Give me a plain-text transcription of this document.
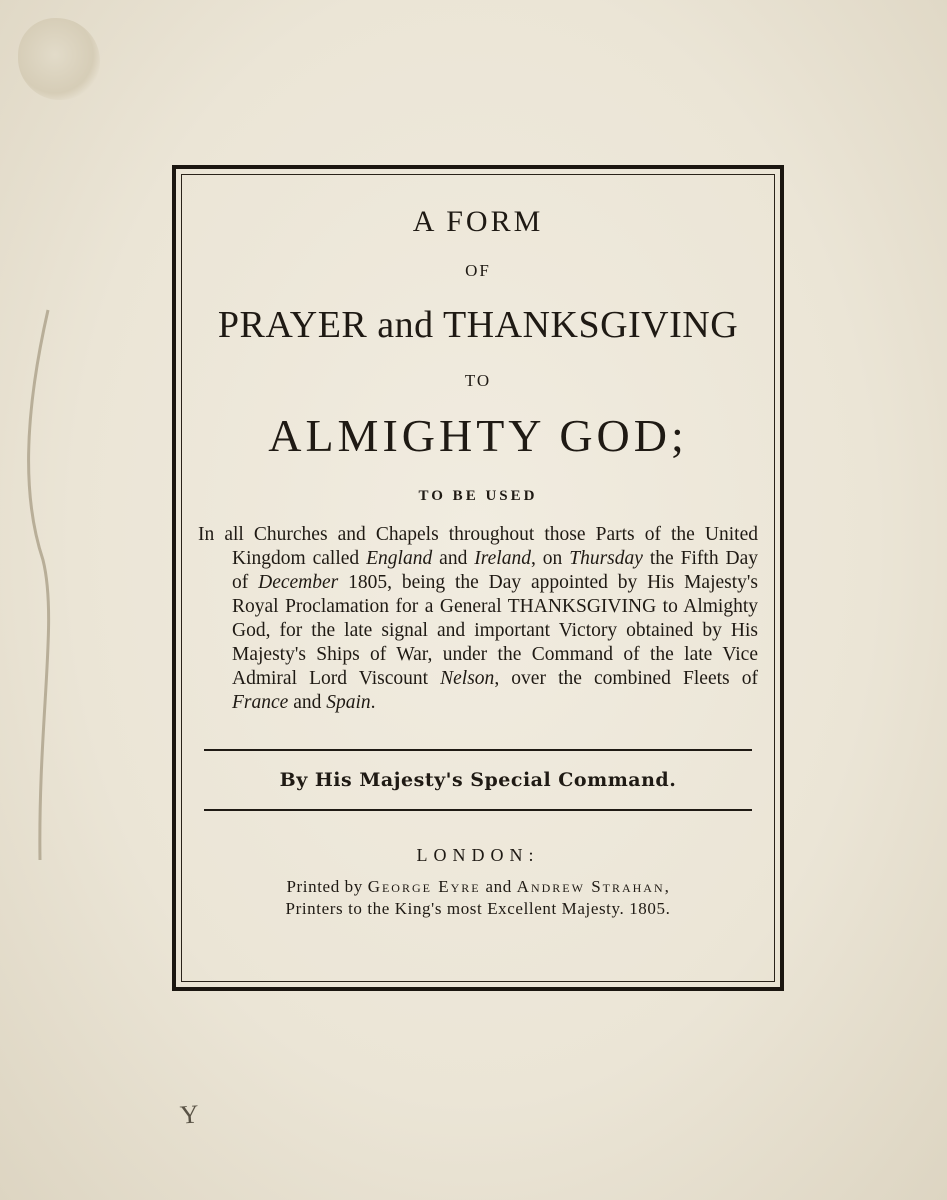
A FORM
OF
PRAYER and THANKSGIVING
TO
ALMIGHTY GOD;
TO BE USED
In all Churches and Chapels throughout those Parts of the United Kingdom called England and Ireland, on Thursday the Fifth Day of December 1805, being the Day appointed by His Majesty's Royal Proclamation for a General THANKSGIVING to Almighty God, for the late signal and important Victory obtained by His Majesty's Ships of War, under the Command of the late Vice Admiral Lord Viscount Nelson, over the combined Fleets of France and Spain.
By His Majesty's Special Command.
LONDON:
Printed by George Eyre and Andrew Strahan,
Printers to the King's most Excellent Majesty. 1805.
Y
